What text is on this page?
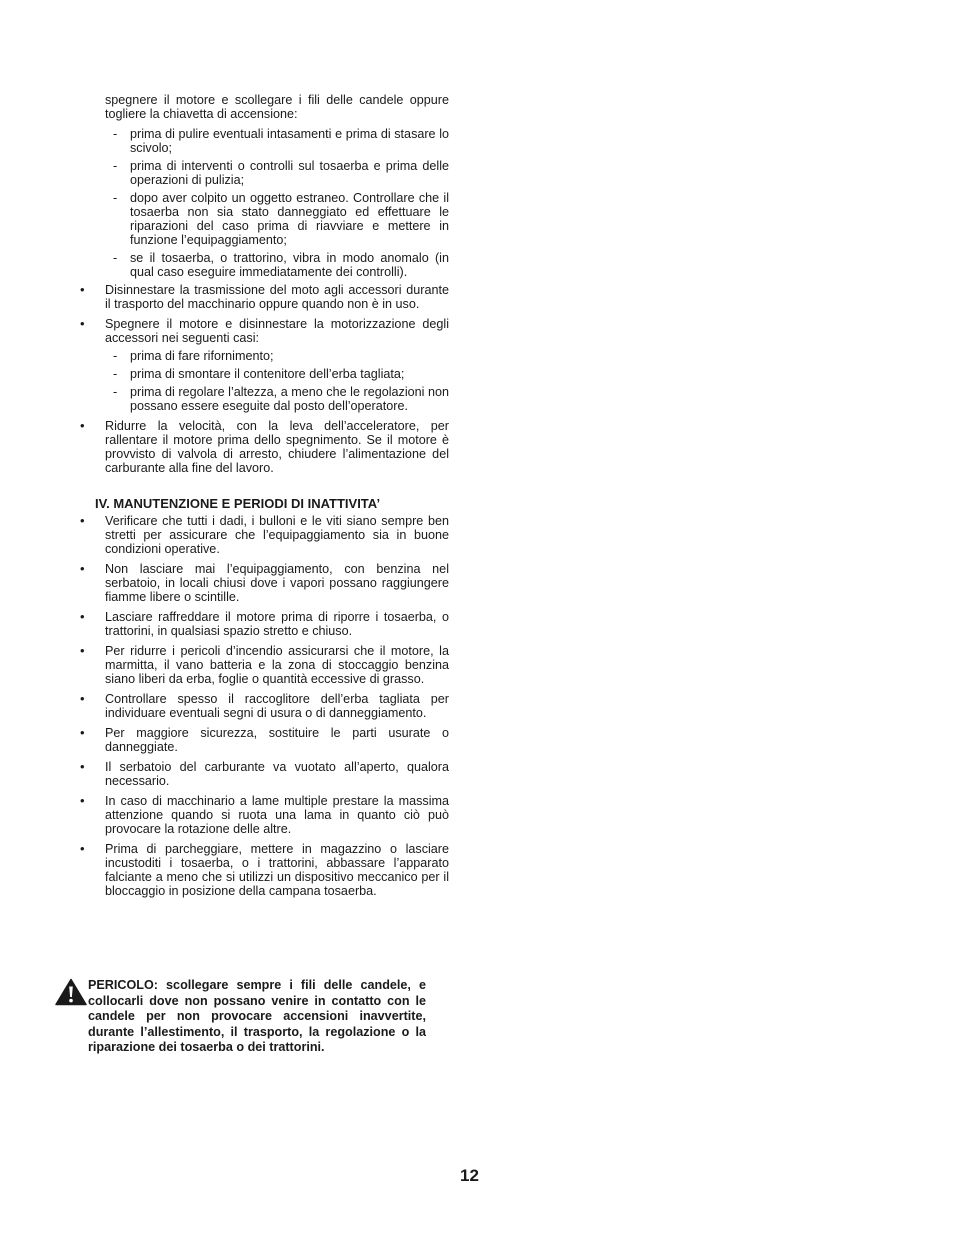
spegnere il motore e scollegare i fili delle candele oppure togliere la chiavetta di accensione:

- prima di pulire eventuali intasamenti e prima di stasare lo scivolo;
- prima di interventi o controlli sul tosaerba e prima delle operazioni di pulizia;
- dopo aver colpito un oggetto estraneo. Controllare che il tosaerba non sia stato danneggiato ed effettuare le riparazioni del caso prima di riavviare e mettere in funzione l’equipaggiamento;
- se il tosaerba, o trattorino, vibra in modo anomalo (in qual caso eseguire immediatamente dei controlli).

• Disinnestare la trasmissione del moto agli accessori durante il trasporto del macchinario oppure quando non è in uso.

• Spegnere il motore e disinnestare la motorizzazione degli accessori nei seguenti casi:

- prima di fare rifornimento;
- prima di smontare il contenitore dell’erba tagliata;
- prima di regolare l’altezza, a meno che le regolazioni non possano essere eseguite dal posto dell’operatore.

• Ridurre la velocità, con la leva dell’acceleratore, per rallentare il motore prima dello spegnimento. Se il motore è provvisto di valvola di arresto, chiudere l’alimentazione del carburante alla fine del lavoro.

IV. MANUTENZIONE E PERIODI DI INATTIVITA’

• Verificare che tutti i dadi, i bulloni e le viti siano sempre ben stretti per assicurare che l’equipaggiamento sia in buone condizioni operative.

• Non lasciare mai l’equipaggiamento, con benzina nel serbatoio, in locali chiusi dove i vapori possano raggiungere fiamme libere o scintille.

• Lasciare raffreddare il motore prima di riporre i tosaerba, o trattorini, in qualsiasi spazio stretto e chiuso.

• Per ridurre i pericoli d’incendio assicurarsi che il motore, la marmitta, il vano batteria e la zona di stoccaggio benzina siano liberi da erba, foglie o quantità eccessive di grasso.

• Controllare spesso il raccoglitore dell’erba tagliata per individuare eventuali segni di usura o di danneggiamento.

• Per maggiore sicurezza, sostituire le parti usurate o danneggiate.

• Il serbatoio del carburante va vuotato all’aperto, qualora necessario.

• In caso di macchinario a lame multiple prestare la massima attenzione quando si ruota una lama in quanto ciò può provocare la rotazione delle altre.

• Prima di parcheggiare, mettere in magazzino o lasciare incustoditi i tosaerba, o i trattorini, abbassare l’apparato falciante a meno che si utilizzi un dispositivo meccanico per il bloccaggio in posizione della campana tosaerba.

PERICOLO: scollegare sempre i fili delle candele, e collocarli dove non possano venire in contatto con le candele per non provocare accensioni inavvertite, durante l’allestimento, il trasporto, la regolazione o la riparazione dei tosaerba o dei trattorini.

12
